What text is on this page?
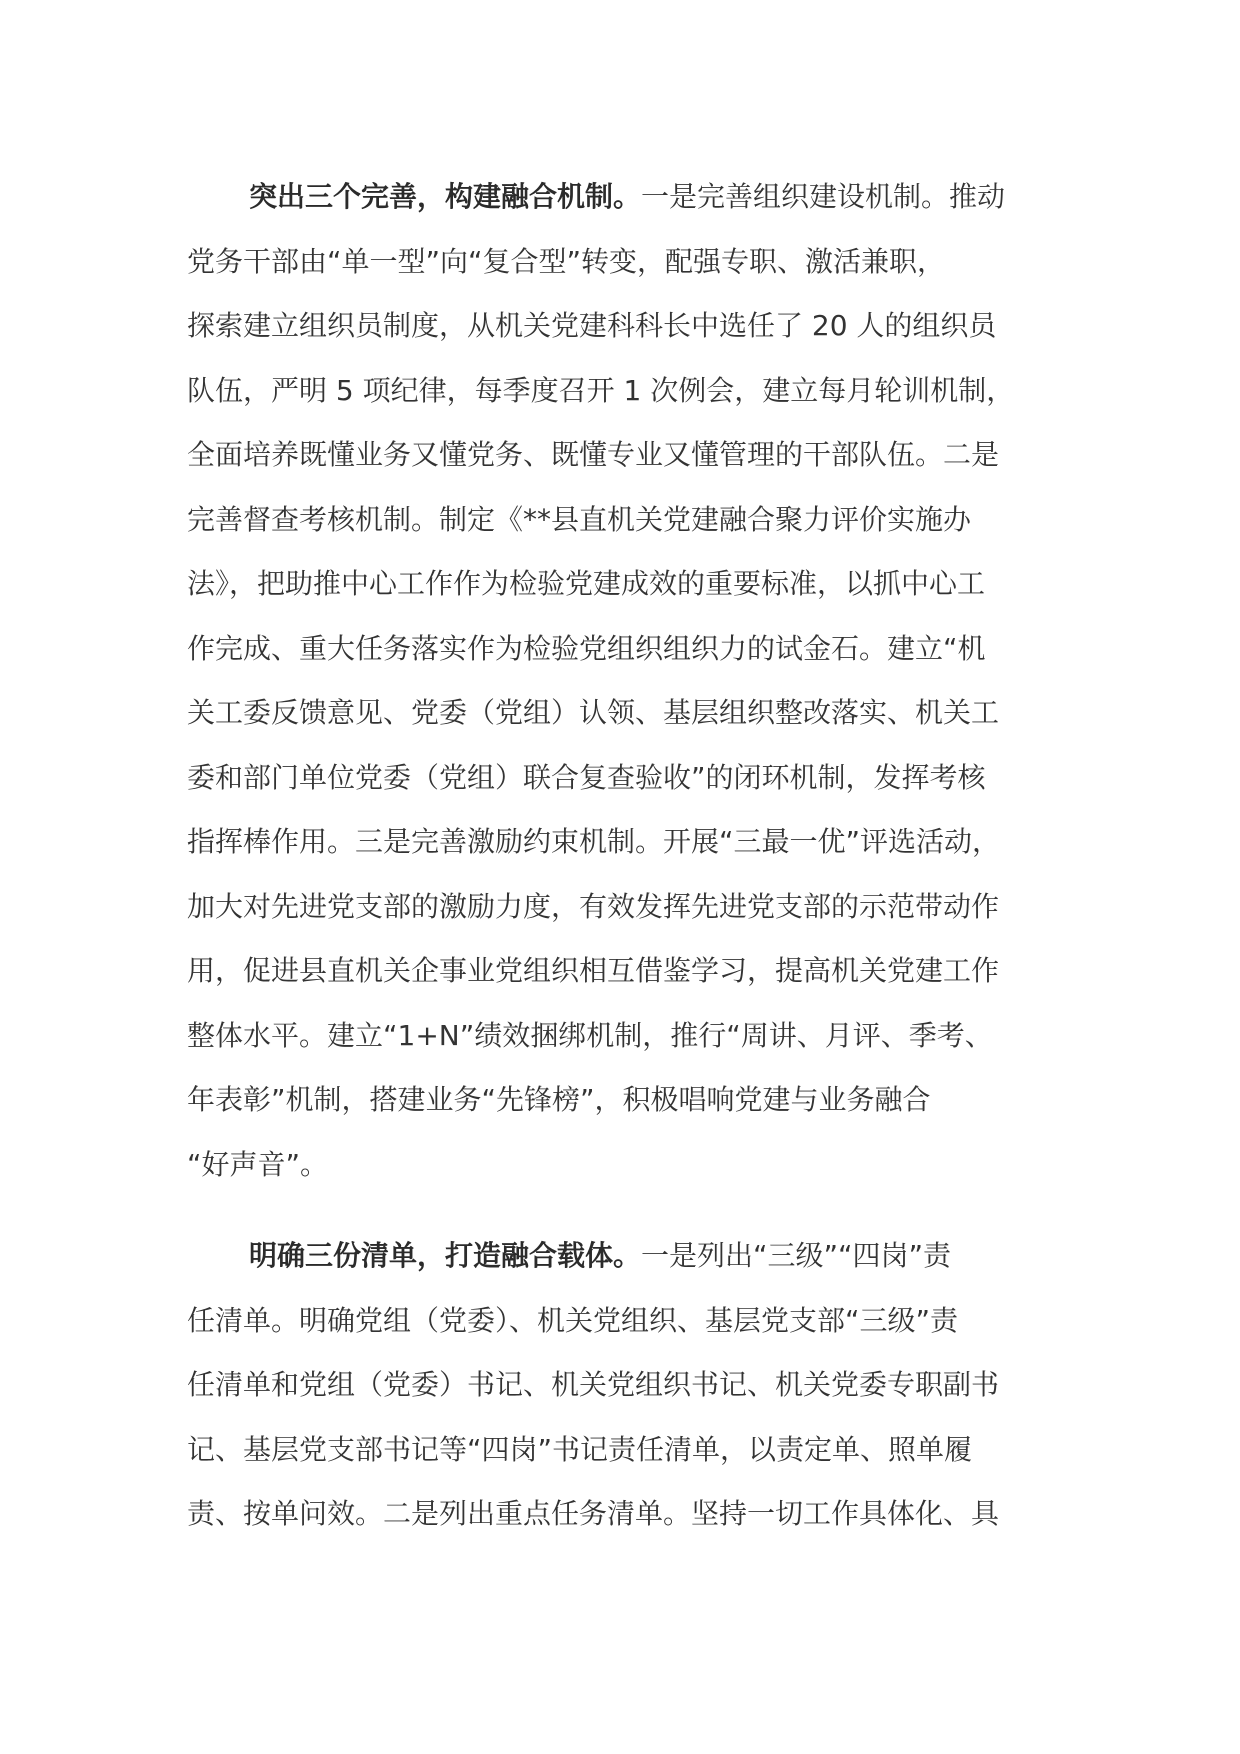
突出三个完善，构建融合机制。一是完善组织建设机制。推动
党务干部由“单一型”向“复合型”转变，配强专职、激活兼职，
探索建立组织员制度，从机关党建科科长中选任了 20 人的组织员
队伍，严明 5 项纪律，每季度召开 1 次例会，建立每月轮训机制，
全面培养既懂业务又懂党务、既懂专业又懂管理的干部队伍。二是
完善督查考核机制。制定《**县直机关党建融合聚力评价实施办
法》，把助推中心工作作为检验党建成效的重要标准，以抓中心工
作完成、重大任务落实作为检验党组织组织力的试金石。建立“机
关工委反馈意见、党委（党组）认领、基层组织整改落实、机关工
委和部门单位党委（党组）联合复查验收”的闭环机制，发挥考核
指挥棒作用。三是完善激励约束机制。开展“三最一优”评选活动，
加大对先进党支部的激励力度，有效发挥先进党支部的示范带动作
用，促进县直机关企事业党组织相互借鉴学习，提高机关党建工作
整体水平。建立“1+N”绩效捆绑机制，推行“周讲、月评、季考、
年表彰”机制，搭建业务“先锋榜”，积极唱响党建与业务融合
“好声音”。

明确三份清单，打造融合载体。一是列出“三级”“四岗”责
任清单。明确党组（党委）、机关党组织、基层党支部“三级”责
任清单和党组（党委）书记、机关党组织书记、机关党委专职副书
记、基层党支部书记等“四岗”书记责任清单，以责定单、照单履
责、按单问效。二是列出重点任务清单。坚持一切工作具体化、具
